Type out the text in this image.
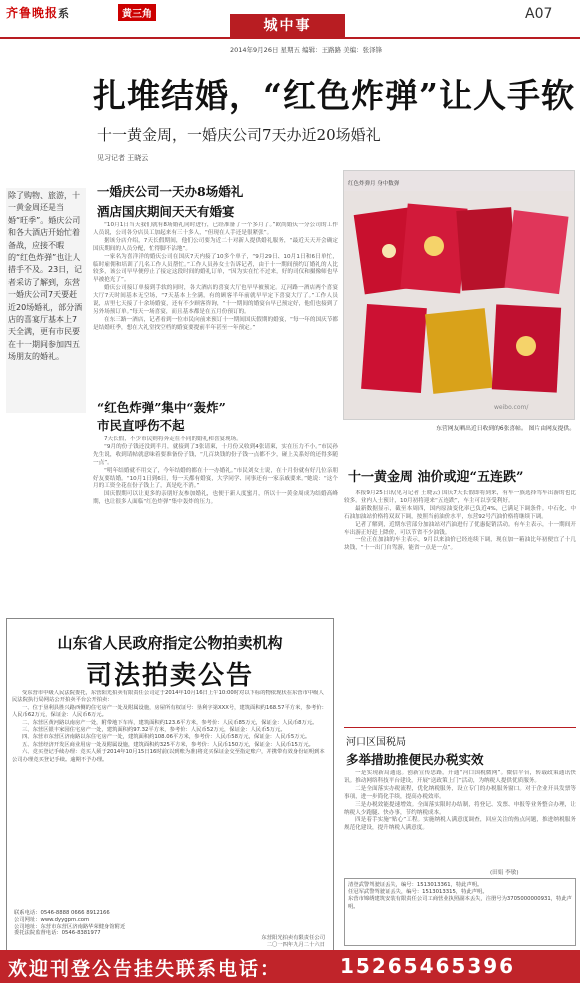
齐鲁晚报系	黄三角
城中事
A07
2014年9月26日 星期五 编辑：王路路 美编：张泽锋
扎堆结婚，“红色炸弹”让人手软
十一黄金周，一婚庆公司7天办近20场婚礼
见习记者 王晓云
除了购物、旅游，十一黄金周还是当婚“旺季”。婚庆公司和各大酒店开始忙着备战，应接不暇的“红色炸弹”也让人措手不及。23日，记者采访了解到，东营一婚庆公司7天要赶近20场婚礼，部分酒店的喜宴厅基本上7天全满，更有市民要在十一期间参加四五场朋友的婚礼。
一婚庆公司一天办8场婚礼
酒店国庆期间天天有婚宴

“10月1日当天我们就有8场婚礼同时进行，已经准备了一个多月了。”欧尚婚庆一分公司的工作人员说，公司各分店员工加起来有三十多人，“但现在人手还是很紧张”。

据该分店介绍，7天长假期间，他们公司要为近二十对新人提供婚礼服务，“最近天天开会确定国庆期间的人员分配，忙得脚不沾地”。

一家名为喜洋洋的婚庆公司在国庆7天内接了10多个单子，“9月29日、10月1日和6日单忙，临时雇佣和培训了几名工作人员帮忙。”工作人员孙女士告诉记者，由于十一期间预约订婚礼的人比较多，该公司早早便停止了接定这段时间的婚礼订单，“因为实在忙不过来，好的司仪和摄像师也早早被抢光了”。

婚庆公司接订单接到手软的同时，各大酒店的喜宴大厅也早早被预定。辽河路一酒店两个喜宴大厅7天时间基本无空场，“7天基本上全满，有的顾客半年前就早早定下喜宴大厅了。”工作人员说，店里七天接了十余场婚宴，还有不少顾客咨询，“十一期间的婚宴台早已预定好，他们也接到了另外场预订单。”每天一场喜宴，而且基本都是在五月份预订的。

在东三路一酒店，记者看到一位市民向前来预订十一期间国庆假期的婚宴，“每一年的国庆节都是结婚旺季，想在大礼堂找空档的婚宴要提前半年甚至一年预定。”

“红色炸弹”集中“轰炸”
市民直呼伤不起

7天长假，不少市民则将奔走在不同的婚礼和喜宴现场。

“9月的份子钱还没到半月，就接到了3张请柬，十月份又收到4张请柬，实在压力不小。”市民孙先生说，收到请帖就意味着要准备份子钱，“几百块钱的份子钱一点都不少，碰上关系好的还得多随一点”。

“明年结婚就不用交了，今年结婚的都在十一办婚礼。”市民刘女士说，在十月份就有好几位亲朋好友要结婚。“10月1日到6日，每一天都有婚宴，大学同学、同事还有一家亲戚要来。”她说：“这个月的工资全花在份子钱上了，真是吃不消。”

国庆假期可以让更多的亲朋好友参加婚礼，也便于新人度蜜月，所以十一黄金周成为结婚高峰期，也让很多人面临“红色炸弹”集中轰炸的压力。

红色炸弹月 身中数弹
weibo.com/
东营网友晒出近日收到的6张喜帖。 图片由网友提供。
十一黄金周 油价或迎“五连跌”

本报9月25日讯(见习记者 王晓云) 国庆7天长假即将到来，有车一族选择驾车出游的也比较多。业内人士预计，10月初将迎来“五连跌”，车主可以享受利好。

最新数据显示，截至本周四，国内原油变化率已负近4%，已满足下调条件。中石化、中石油加油站价格将双双下调，按照当前油价水平，东营92号汽油价格将继续下调。

记者了解到，近期东营部分加油站对汽油进行了优惠促销活动。有车主表示，十一期间开车出游正好赶上降价，可以节省不少油钱。

一位正在加油的车主表示，9月以来油价已经连续下调，现在加一箱油比年初便宜了十几块钱，“十一出门自驾游，能省一点是一点”。

河口区国税局
多举措助推便民办税实效

一是实现新局通退。创新宣传思路，开通“河口国税微网”。微信平台，转载政策通讯快讯。推动网络科技平台建设，开展“送政策上门”活动，为纳税人提供优质服务。

二是全面落实办税流程，优化纳税服务，设立专门的办税服务窗口。对于企业开具发票等事项，进一步简化手续，提高办税效率。

三是办税效能提速增效。全面落实限时办结制，将登记、发票、申报等业务整合办理，让纳税人少跑腿、快办事，节约纳税成本。

四是着手实施“贴心”工程。实施纳税人满意度调查，回应关注的热点问题，推进纳税服务规范化建设，提升纳税人满意度。

(田娟 李敏)

清登武警驾驶证丢失，编号：1513013361，特此声明。

任冠军武警驾驶证丢失，编号：1513013315，特此声明。

东营市锦绣建筑安装有限责任公司工商营业执照副本丢失，注册号为3705000000931，特此声明。

山东省人民政府指定公物拍卖机构
司法拍卖公告

受东营市中级人民法院委托，东营阳光拍卖有限责任公司定于2014年10月16日上午10:00时对以下标的物依现状在东营市中级人民法院执行局网站公开拍卖平台公开拍卖：

一、位于垦利县胜兴路西侧的住宅房产一处及附属设施，房屋所有权证号：垦利字第XXX号，建筑面积约168.57平方米，参考价：人民币62万元，保证金：人民币6万元。

二、东营区黄河路以南房产一处，附带地下车库，建筑面积约123.6平方米，参考价：人民币85万元，保证金：人民币8万元。

三、东营区银丰家园住宅房产一处，建筑面积约97.32平方米，参考价：人民币52万元，保证金：人民币5万元。

四、东营市东营区济南路以东住宅房产一处，建筑面积约108.06平方米，参考价：人民币58万元，保证金：人民币5万元。

五、东营经济开发区商业用房一处及附属设施，建筑面积约325平方米，参考价：人民币150万元，保证金：人民币15万元。

六、竞买登记手续办理：竞买人须于2014年10月15日16时前(以到账为准)将竞买保证金交至指定账户，并携带有效身份证明到本公司办理竞买登记手续。逾期不予办理。

联系电话：0546-8888 0666 8912166
公司网址：www.dyygpm.com
公司地址：东营市东营区济南路华荣健身馆附近
委托法院监督电话：0546-8381977
东营阳光拍卖有限责任公司
二〇一四年九月二十六日
欢迎刊登公告挂失联系电话：	15265465396
